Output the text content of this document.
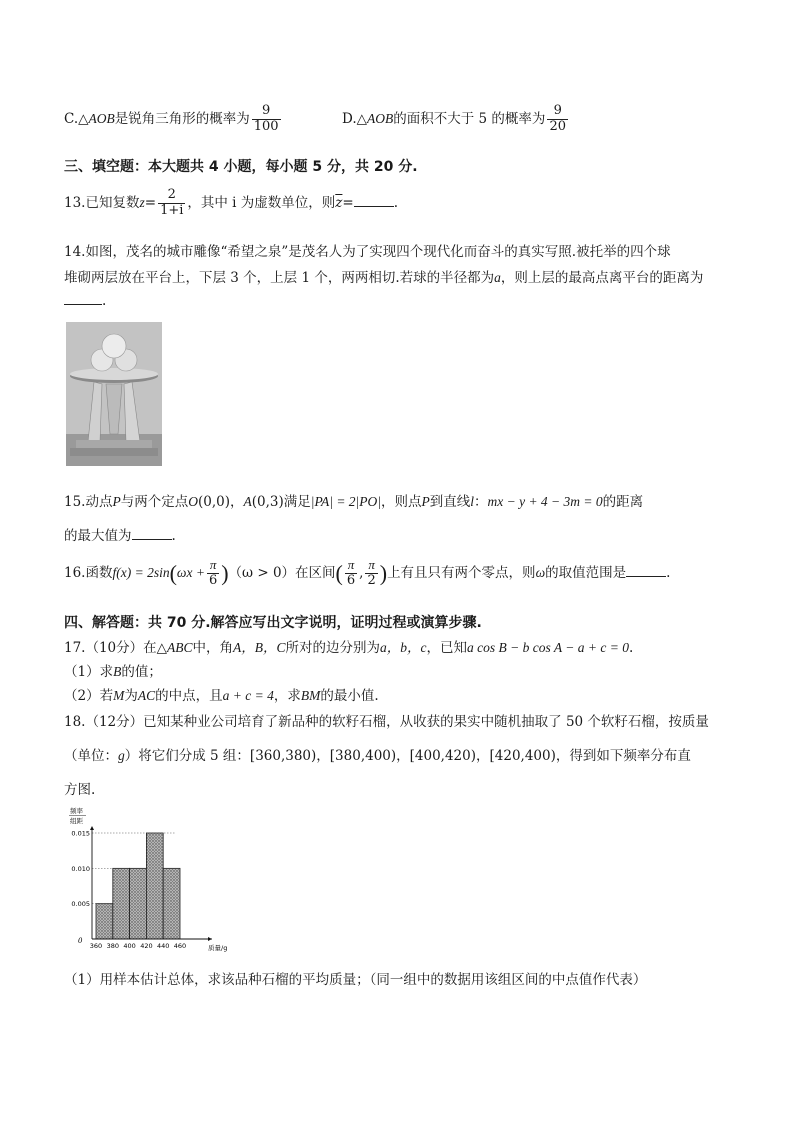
C.△AOB是锐角三角形的概率为 $\frac{9}{100}$	D.△AOB的面积不大于 5 的概率为 $\frac{9}{20}$
三、填空题：本大题共 4 小题，每小题 5 分，共 20 分.
13.已知复数$z= \frac{2}{1+i}$ ，其中 i 为虚数单位，则$\overline{z}=$	.
14.如图，茂名的城市雕像“希望之泉”是茂名人为了实现四个现代化而奋斗的真实写照.被托举的四个球
堆砌两层放在平台上，下层 3 个，上层 1 个，两两相切.若球的半径都为a，则上层的最高点离平台的距离为
.
15.动点P与两个定点O(0,0)，A(0,3)满足|PA| = 2|PO|，则点P到直线l：mx − y + 4 − 3m = 0的距离
的最大值为	.
16.函数$f(x) = 2\sin(\omega x + \frac{\pi}{6} )(\omega > 0)$在区间( $\frac{\pi}{6}$ , $\frac{\pi}{2}$ )上有且只有两个零点，则ω的取值范围是	.
四、解答题：共 70 分.解答应写出文字说明，证明过程或演算步骤.
17.（10分）在△ABC中，角A，B，C所对的边分别为a，b，c，已知a cos B − b cos A − a + c = 0.
（1）求B的值；
（2）若M为AC的中点，且a + c = 4，求BM的最小值.
18.（12分）已知某种业公司培育了新品种的软籽石榴，从收获的果实中随机抽取了 50 个软籽石榴，按质量
（单位：g）将它们分成 5 组：[360,380)，[380,400)，[400,420)，[420,400)，得到如下频率分布直
方图.
频率
组距
0
质量/g
360 380 400 420 440 460
0.005
0.010
0.015
（1）用样本估计总体，求该品种石榴的平均质量；（同一组中的数据用该组区间的中点值作代表）
